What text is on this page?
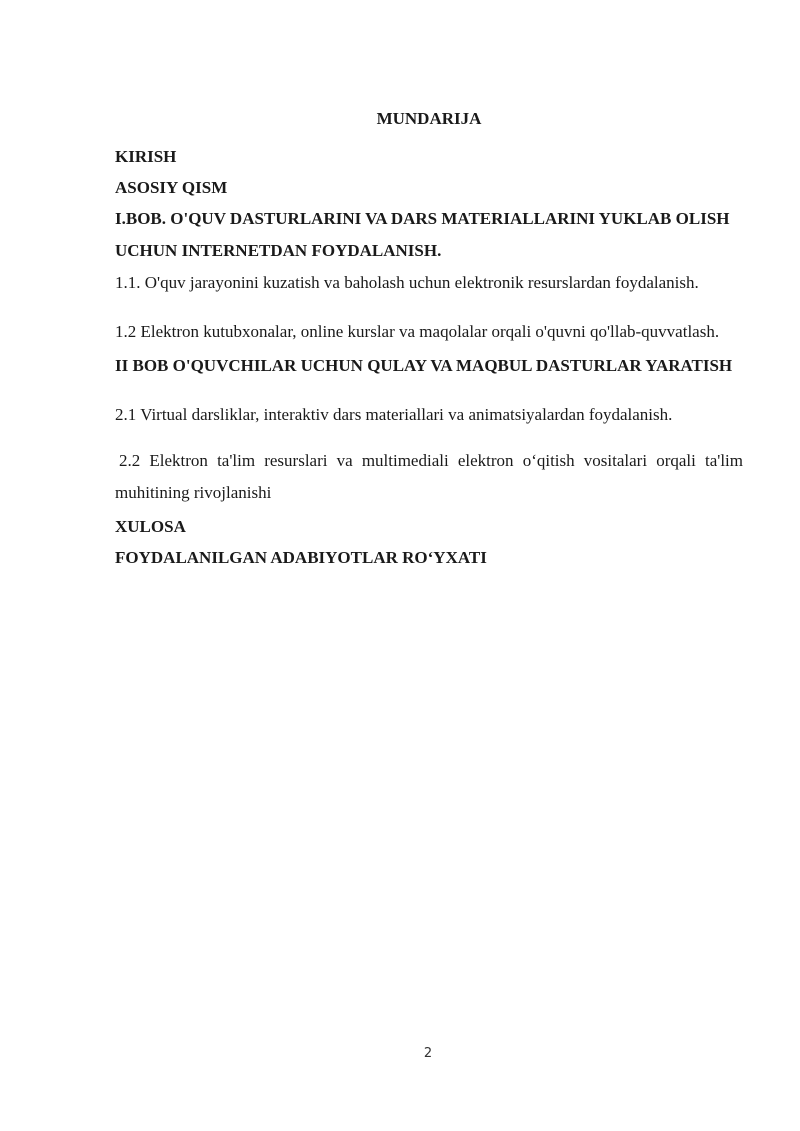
MUNDARIJA

KIRISH

ASOSIY QISM

I.BOB. O'QUV DASTURLARINI VA DARS MATERIALLARINI YUKLAB OLISH UCHUN INTERNETDAN FOYDALANISH.

1.1. O'quv jarayonini kuzatish va baholash uchun elektronik resurslardan foydalanish.

1.2 Elektron kutubxonalar, online kurslar va maqolalar orqali o'quvni qo'llab-quvvatlash.

II BOB O'QUVCHILAR UCHUN QULAY VA MAQBUL DASTURLAR YARATISH

2.1 Virtual darsliklar, interaktiv dars materiallari va animatsiyalardan foydalanish.

2.2 Elektron ta'lim resurslari va multimediali elektron o‘qitish vositalari orqali ta'lim muhitining rivojlanishi

XULOSA

FOYDALANILGAN ADABIYOTLAR RO‘YXATI

2
